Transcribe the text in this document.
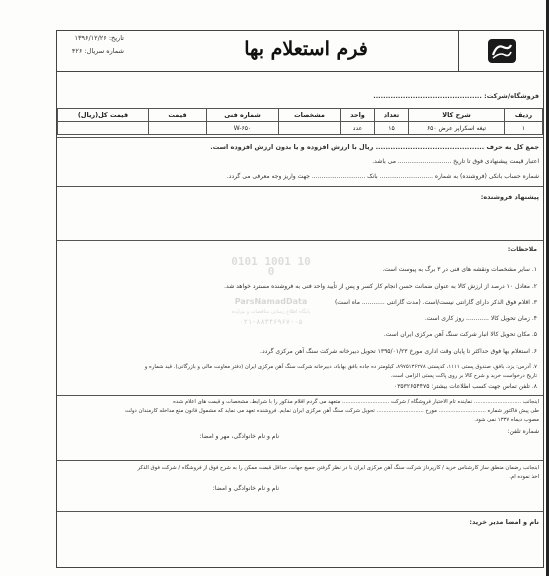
فرم استعلام بها
تاریخ: ۱۳۹۶/۱۲/۲۶
شماره سریال: ۴۲۶
فروشگاه/شرکت: ............................................
ردیف	شرح کالا	تعداد	واحد	مشخصات	شماره فنی	قیمت	قیمت کل(ریال)
۱	تیغه اسکراپر عرض ۶۵۰	۱۵	عدد		W-۶۵۰		
جمع کل به حرف ............................................ ریال با ارزش افزوده و یا بدون ارزش افزوده است.
اعتبار قیمت پیشنهادی فوق تا تاریخ ............................ می باشد.
شماره حساب بانکی (فروشنده) به شماره ............................ بانک ............................ جهت واریز وجه معرفی می گردد.
پیشنهاد فروشنده:
ملاحظات:
۱. سایر مشخصات ونقشه های فنی در ۳ برگ به پیوست است.
۲. معادل ۱۰ درصد از ارزش کالا به عنوان ضمانت حسن انجام کار کسر و پس از تأیید واحد فنی به فروشنده مسترد خواهد شد.
۳. اقلام فوق الذکر دارای گارانتی نیست/است. (مدت گارانتی ............ ماه است)
۴. زمان تحویل کالا ............ روز کاری است.
۵. مکان تحویل کالا انبار شرکت سنگ آهن مرکزی ایران است.
۶. استعلام بها فوق حداکثر تا پایان وقت اداری مورخ ۱۳۹۵/۰۱/۲۳ تحویل دبیرخانه شرکت سنگ آهن مرکزی گردد.
۷. آدرس: یزد، بافق، صندوق پستی ۱۱۱۱، کدپستی ۸۹۷۵۱۳۶۲۷۸، کیلومتر ده جاده بافق بهاباد، دبیرخانه شرکت سنگ آهن مرکزی ایران (دفتر معاونت مالی و بازرگانی). قید شماره و
تاریخ درخواست خرید و شرح کالا بر روی پاکت پستی الزامی است.
۸. تلفن تماس جهت کسب اطلاعات بیشتر: ۰۳۵۳۲۶۵۴۴۷۵
0101 1001 10 0
ParsNamadData
پایگاه اطلاع رسانی مناقصات و مزایده
۰۲۱-۸۸۳۴۶۹۶۷-۰۵
اینجانب ............................ نماینده تام الاختیار فروشگاه / شرکت ............................ متعهد می گردم اقلام مذکور را با شرایط، مشخصات و قیمت های اعلام شده
طی پیش فاکتور شماره ............................ مورخ ............................ تحویل شرکت سنگ آهن مرکزی ایران نمایم. فروشنده تعهد می نماید که مشمول قانون منع مداخله کارمندان دولت
مصوب دیماه ۱۳۳۷ نمی شود.
شماره تلفن:
نام و نام خانوادگی، مهر و امضا:
اینجانب رضمان منطق ساز کارشناس خرید / کارپرداز شرکت سنگ آهن مرکزی ایران با در نظر گرفتن جمیع جهات، حداقل قیمت ممکن را به شرح فوق از فروشگاه / شرکت فوق الذکر
اخذ نموده ام.
نام و نام خانوادگی و امضا:
نام و امضا مدیر خرید:
